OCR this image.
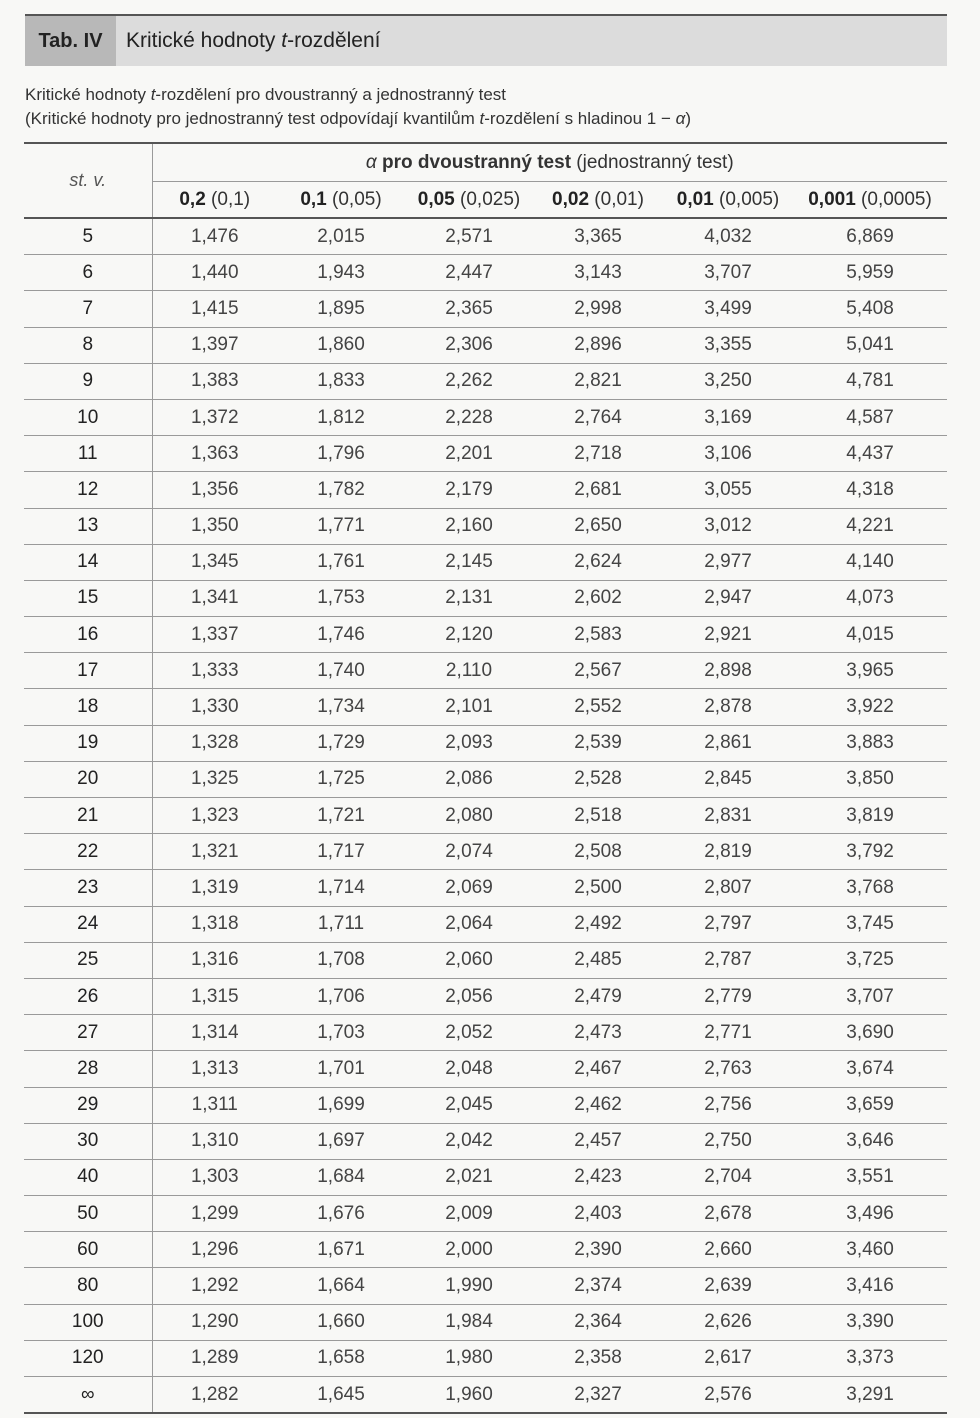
Tab. IV	Kritické hodnoty t-rozdělení
Kritické hodnoty t-rozdělení pro dvoustranný a jednostranný test
(Kritické hodnoty pro jednostranný test odpovídají kvantilům t-rozdělení s hladinou 1 − α)
st. v.	α pro dvoustranný test (jednostranný test)					
	0,2 (0,1)	0,1 (0,05)	0,05 (0,025)	0,02 (0,01)	0,01 (0,005)	0,001 (0,0005)
5	1,476	2,015	2,571	3,365	4,032	6,869
6	1,440	1,943	2,447	3,143	3,707	5,959
7	1,415	1,895	2,365	2,998	3,499	5,408
8	1,397	1,860	2,306	2,896	3,355	5,041
9	1,383	1,833	2,262	2,821	3,250	4,781
10	1,372	1,812	2,228	2,764	3,169	4,587
11	1,363	1,796	2,201	2,718	3,106	4,437
12	1,356	1,782	2,179	2,681	3,055	4,318
13	1,350	1,771	2,160	2,650	3,012	4,221
14	1,345	1,761	2,145	2,624	2,977	4,140
15	1,341	1,753	2,131	2,602	2,947	4,073
16	1,337	1,746	2,120	2,583	2,921	4,015
17	1,333	1,740	2,110	2,567	2,898	3,965
18	1,330	1,734	2,101	2,552	2,878	3,922
19	1,328	1,729	2,093	2,539	2,861	3,883
20	1,325	1,725	2,086	2,528	2,845	3,850
21	1,323	1,721	2,080	2,518	2,831	3,819
22	1,321	1,717	2,074	2,508	2,819	3,792
23	1,319	1,714	2,069	2,500	2,807	3,768
24	1,318	1,711	2,064	2,492	2,797	3,745
25	1,316	1,708	2,060	2,485	2,787	3,725
26	1,315	1,706	2,056	2,479	2,779	3,707
27	1,314	1,703	2,052	2,473	2,771	3,690
28	1,313	1,701	2,048	2,467	2,763	3,674
29	1,311	1,699	2,045	2,462	2,756	3,659
30	1,310	1,697	2,042	2,457	2,750	3,646
40	1,303	1,684	2,021	2,423	2,704	3,551
50	1,299	1,676	2,009	2,403	2,678	3,496
60	1,296	1,671	2,000	2,390	2,660	3,460
80	1,292	1,664	1,990	2,374	2,639	3,416
100	1,290	1,660	1,984	2,364	2,626	3,390
120	1,289	1,658	1,980	2,358	2,617	3,373
∞	1,282	1,645	1,960	2,327	2,576	3,291
